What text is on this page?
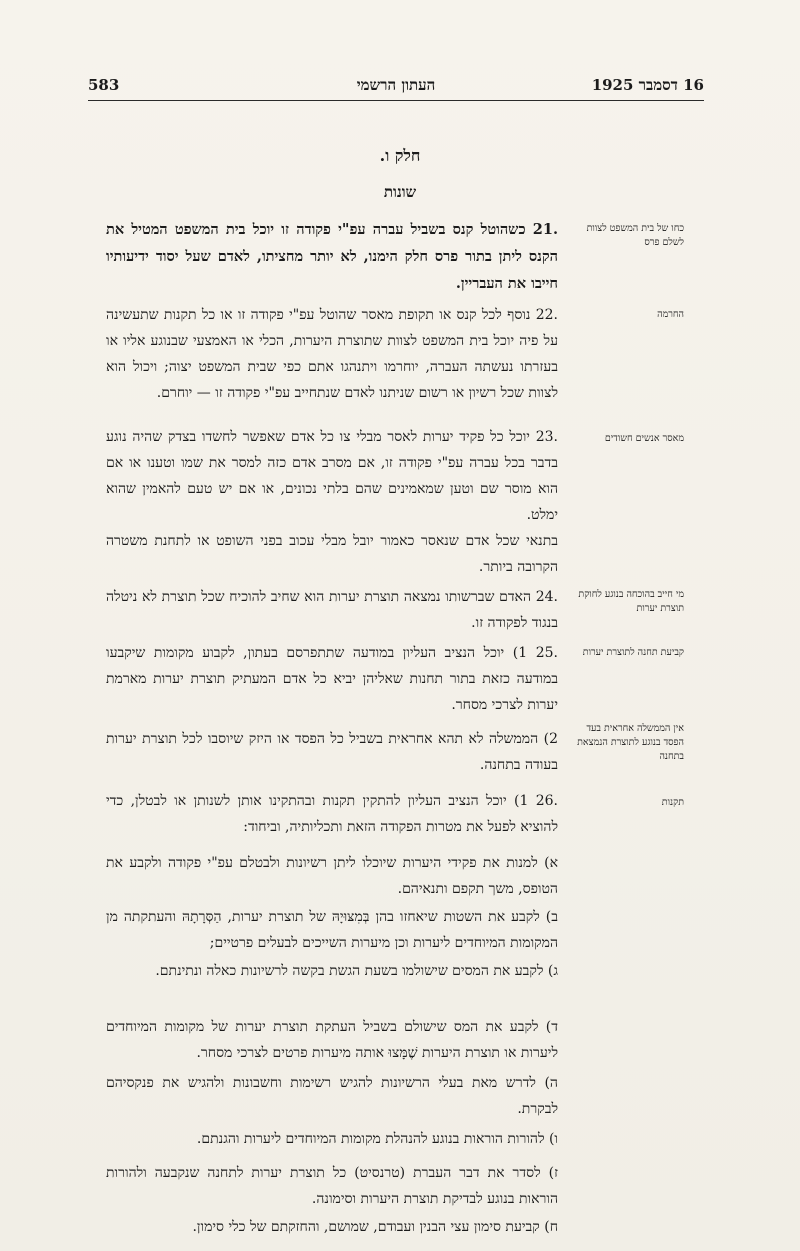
583	העתון הרשמי	16 דסמבר 1925
חלק ו.
שונות
כחו של בית המשפט לצוות לשלם פרס
.21 כשהוטל קנס בשביל עברה עפ"י פקודה זו יוכל בית המשפט המטיל את הקנס ליתן בתור פרס חלק הימנו, לא יותר מחציתו, לאדם שעל יסוד ידיעותיו חייבו את העבריין.
החרמה
.22 נוסף לכל קנס או תקופת מאסר שהוטל עפ"י פקודה זו או כל תקנות שתעשינה על פיה יוכל בית המשפט לצוות שתוצרת היערות, הכלי או האמצעי שבנוגע אליו או בעזרתו נעשתה העברה, יוחרמו ויתנהגו אתם כפי שבית המשפט יצוה; ויכול הוא לצוות שכל רשיון או רשום שניתנו לאדם שנתחייב עפ"י פקודה זו — יוחרם.
מאסר אנשים חשודים
.23 יוכל כל פקיד יערות לאסר מבלי צו כל אדם שאפשר לחשדו בצדק שהיה נוגע בדבר בכל עברה עפ"י פקודה זו, אם מסרב אדם כזה למסר את שמו וטענו או אם הוא מוסר שם וטען שמאמינים שהם בלתי נכונים, או אם יש טעם להאמין שהוא ימלט.
בתנאי שכל אדם שנאסר כאמור יובל מבלי עכוב בפני השופט או לתחנת משטרה הקרובה ביותר.
מי חייב בהוכחה בנוגע לחוקת תוצרת יערות
.24 האדם שברשותו נמצאה תוצרת יערות הוא שחיב להוכיח שכל תוצרת לא ניטלה בנגוד לפקודה זו.
קביעת תחנה לתוצרת יערות
.25 1) יוכל הנציב העליון במודעה שתתפרסם בעתון, לקבוע מקומות שיקבעו במודעה כזאת בתור תחנות שאליהן יביא כל אדם המעתיק תוצרת יערות מארמת יערות לצרכי מסחר.
אין הממשלה אחראית בעד הפסד בנוגע לתוצרת הנמצאת בתחנה
2) הממשלה לא תהא אחראית בשביל כל הפסד או היזק שיוסבו לכל תוצרת יערות בעודה בתחנה.
תקנות
.26 1) יוכל הנציב העליון להתקין תקנות ובהתקינו אותן לשנותן או לבטלן, כדי להוציא לפעל את מטרות הפקודה הזאת ותכליותיה, וביחוד:
א) למנות את פקידי היערות שיוכלו ליתן רשיונות ולבטלם עפ"י פקודה ולקבע את הטופס, משך תקפם ותנאיהם.
ב) לקבע את השטות שיאחזו בהן בְּמִצּוּיָהּ של תוצרת יערות, הַסְּרָתָהּ והעתקתה מן המקומות המיוחדים ליערות וכן מיערות השייכים לבעלים פרטיים;
ג) לקבע את המסים שישולמו בשעת הגשת בקשה לרשיונות כאלה ונתינתם.
ד) לקבע את המס שישולם בשביל העתקת תוצרת יערות של מקומות המיוחדים ליערות או תוצרת היערות שֶׁמָּצוּ אותה מיערות פרטים לצרכי מסחר.
ה) לדרש מאת בעלי הרשיונות להגיש רשימות וחשבונות ולהגיש את פנקסיהם לבקרת.
ו) להורות הוראות בנוגע להנהלת מקומות המיוחדים ליערות והגנתם.
ז) לסדר את דבר העברת (טרנסיט) כל תוצרת יערות לתחנה שנקבעה ולהורות הוראות בנוגע לבדיקת תוצרת היערות וסימונה.
ח) קביעת סימון עצי הבנין ועבודם, שמושם, והחזקתם של כלי סימון.
